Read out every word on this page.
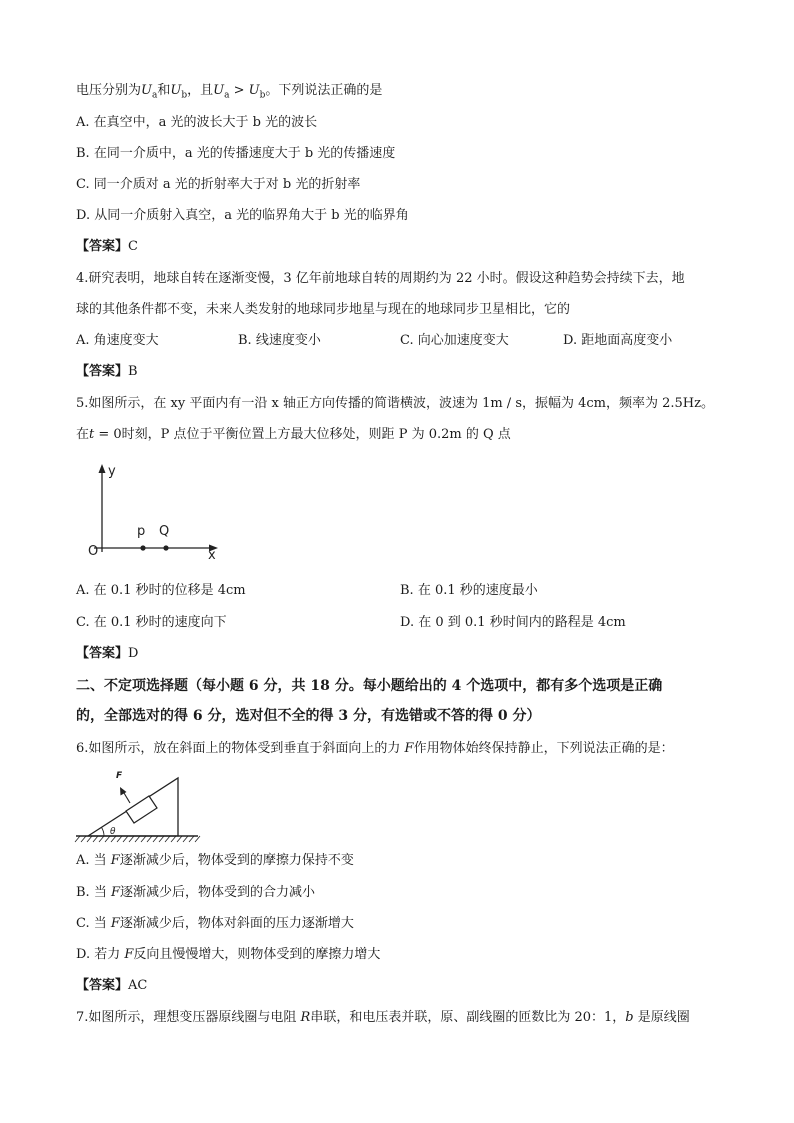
电压分别为$U_a$和$U_b$，且$U_a > U_b$。下列说法正确的是
A. 在真空中，a 光的波长大于 b 光的波长
B. 在同一介质中，a 光的传播速度大于 b 光的传播速度
C. 同一介质对 a 光的折射率大于对 b 光的折射率
D. 从同一介质射入真空，a 光的临界角大于 b 光的临界角
【答案】C
4.研究表明，地球自转在逐渐变慢，3 亿年前地球自转的周期约为 22 小时。假设这种趋势会持续下去，地
球的其他条件都不变，未来人类发射的地球同步地星与现在的地球同步卫星相比，它的
A. 角速度变大	B. 线速度变小	C. 向心加速度变大	D. 距地面高度变小
【答案】B
5.如图所示，在 xy 平面内有一沿 x 轴正方向传播的简谐横波，波速为 1m / s，振幅为 4cm，频率为 2.5Hz。
在t = 0时刻，P 点位于平衡位置上方最大位移处，则距 P 为 0.2m 的 Q 点
y
x
O
p Q
A. 在 0.1 秒时的位移是 4cm	B. 在 0.1 秒的速度最小
C. 在 0.1 秒时的速度向下	D. 在 0 到 0.1 秒时间内的路程是 4cm
【答案】D
二、不定项选择题（每小题 6 分，共 18 分。每小题给出的 4 个选项中，都有多个选项是正确
的，全部选对的得 6 分，选对但不全的得 3 分，有选错或不答的得 0 分）
6.如图所示，放在斜面上的物体受到垂直于斜面向上的力 F作用物体始终保持静止，下列说法正确的是：
F
θ
A. 当 F逐渐减少后，物体受到的摩擦力保持不变
B. 当 F逐渐减少后，物体受到的合力减小
C. 当 F逐渐减少后，物体对斜面的压力逐渐增大
D. 若力 F反向且慢慢增大，则物体受到的摩擦力增大
【答案】AC
7.如图所示，理想变压器原线圈与电阻 R串联，和电压表并联，原、副线圈的匝数比为 20：1，b 是原线圈
